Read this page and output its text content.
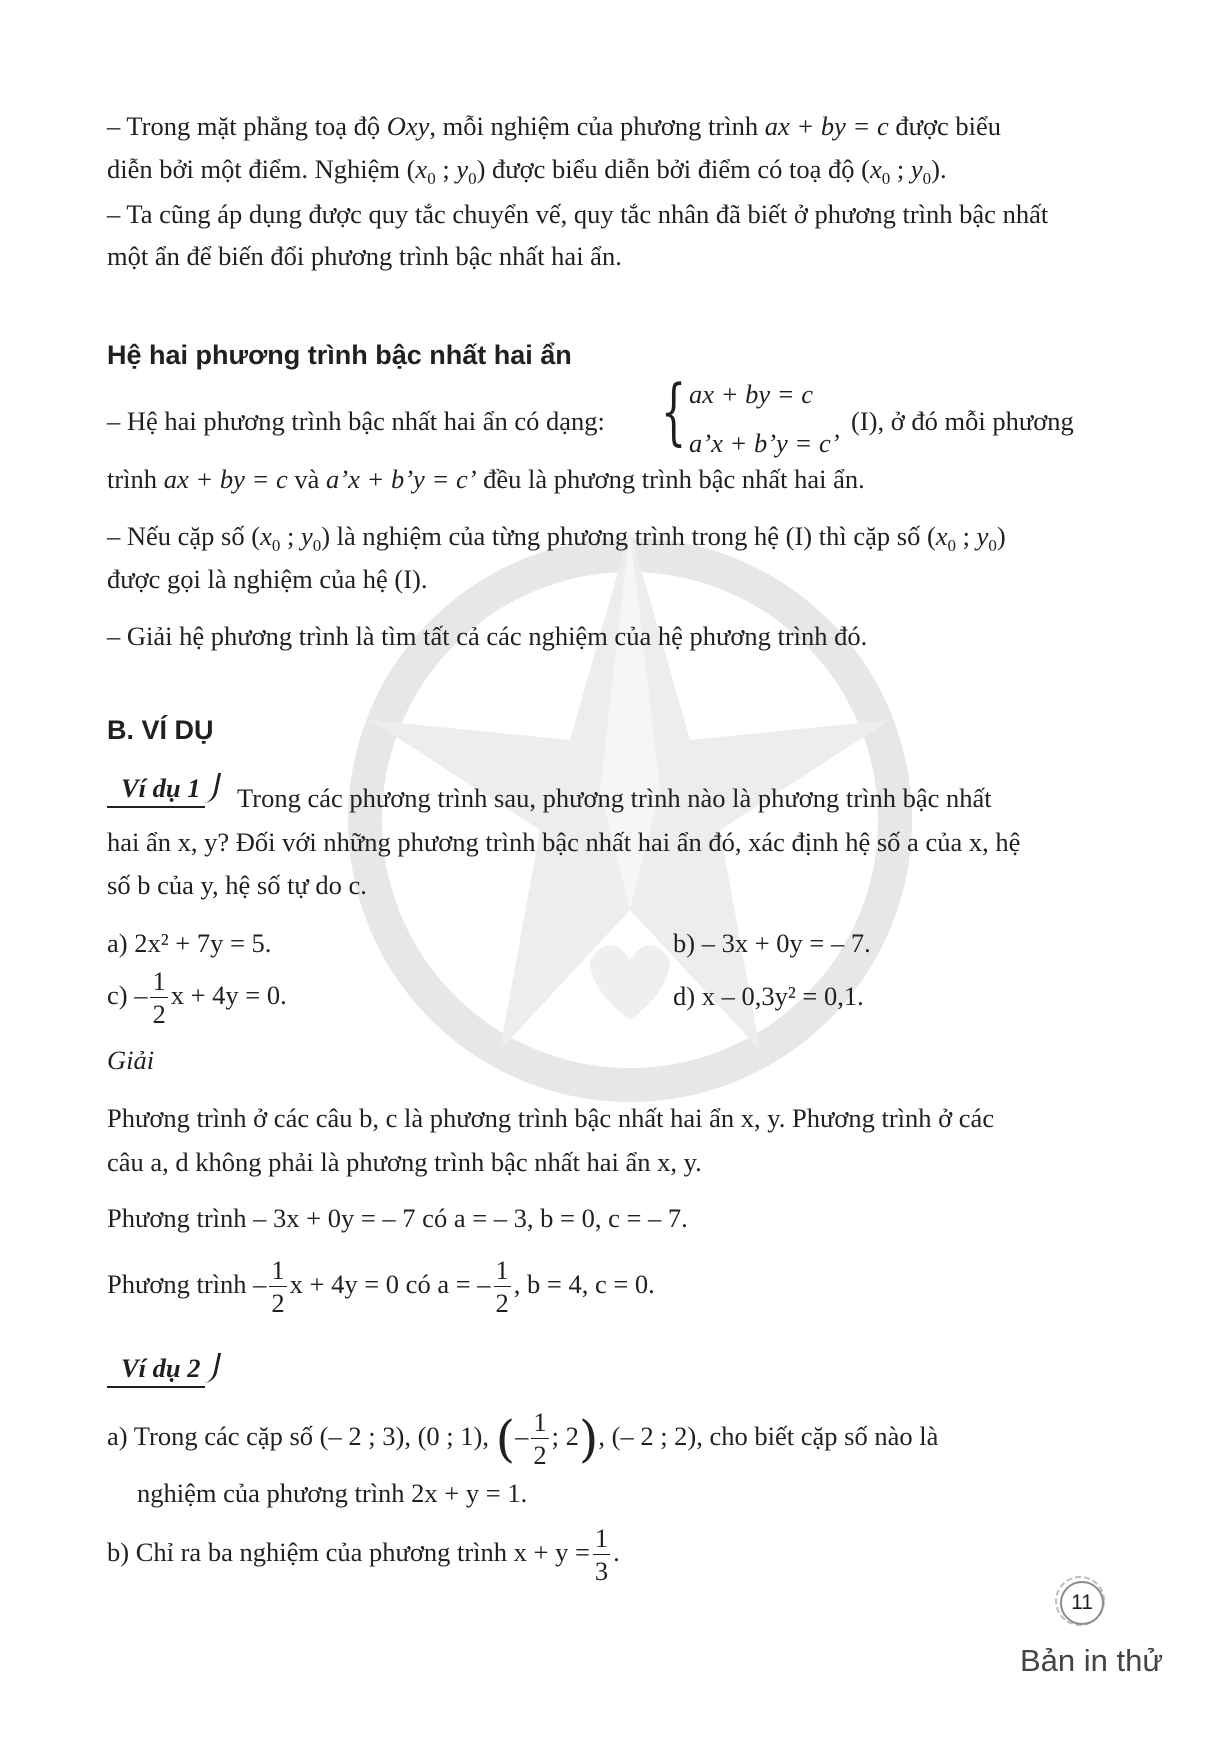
– Trong mặt phẳng toạ độ Oxy, mỗi nghiệm của phương trình ax + by = c được biểu
diễn bởi một điểm. Nghiệm ($x_0$ ; $y_0$) được biểu diễn bởi điểm có toạ độ ($x_0$ ; $y_0$).
– Ta cũng áp dụng được quy tắc chuyển vế, quy tắc nhân đã biết ở phương trình bậc nhất
một ẩn để biến đổi phương trình bậc nhất hai ẩn.
Hệ hai phương trình bậc nhất hai ẩn
– Hệ hai phương trình bậc nhất hai ẩn có dạng: { ax + by = c
a’x + b’y = c’
(I), ở đó mỗi phương
trình ax + by = c và a’x + b’y = c’ đều là phương trình bậc nhất hai ẩn.
– Nếu cặp số ($x_0$ ; $y_0$) là nghiệm của từng phương trình trong hệ (I) thì cặp số ($x_0$ ; $y_0$)
được gọi là nghiệm của hệ (I).
– Giải hệ phương trình là tìm tất cả các nghiệm của hệ phương trình đó.
B. VÍ DỤ
Ví dụ 1	Trong các phương trình sau, phương trình nào là phương trình bậc nhất
hai ẩn x, y? Đối với những phương trình bậc nhất hai ẩn đó, xác định hệ số a của x, hệ
số b của y, hệ số tự do c.
a) 2x² + 7y = 5.	b) – 3x + 0y = – 7.
$c) - \frac{1}{2}$ x + 4y = 0.	d) x – 0,3y² = 0,1.
Giải
Phương trình ở các câu b, c là phương trình bậc nhất hai ẩn x, y. Phương trình ở các
câu a, d không phải là phương trình bậc nhất hai ẩn x, y.
Phương trình – 3x + 0y = – 7 có a = – 3, b = 0, c = – 7.
Phương trình – $\frac{1}{2}$ x + 4y = 0 có a = – $\frac{1}{2}$ , b = 4, c = 0.
Ví dụ 2
a) Trong các cặp số (– 2 ; 3), (0 ; 1), (– $\frac{1}{2}$ ; 2), (– 2 ; 2), cho biết cặp số nào là
nghiệm của phương trình 2x + y = 1.
b) Chỉ ra ba nghiệm của phương trình $x + y = \frac{1}{3}$ .
11
Bản in thử
